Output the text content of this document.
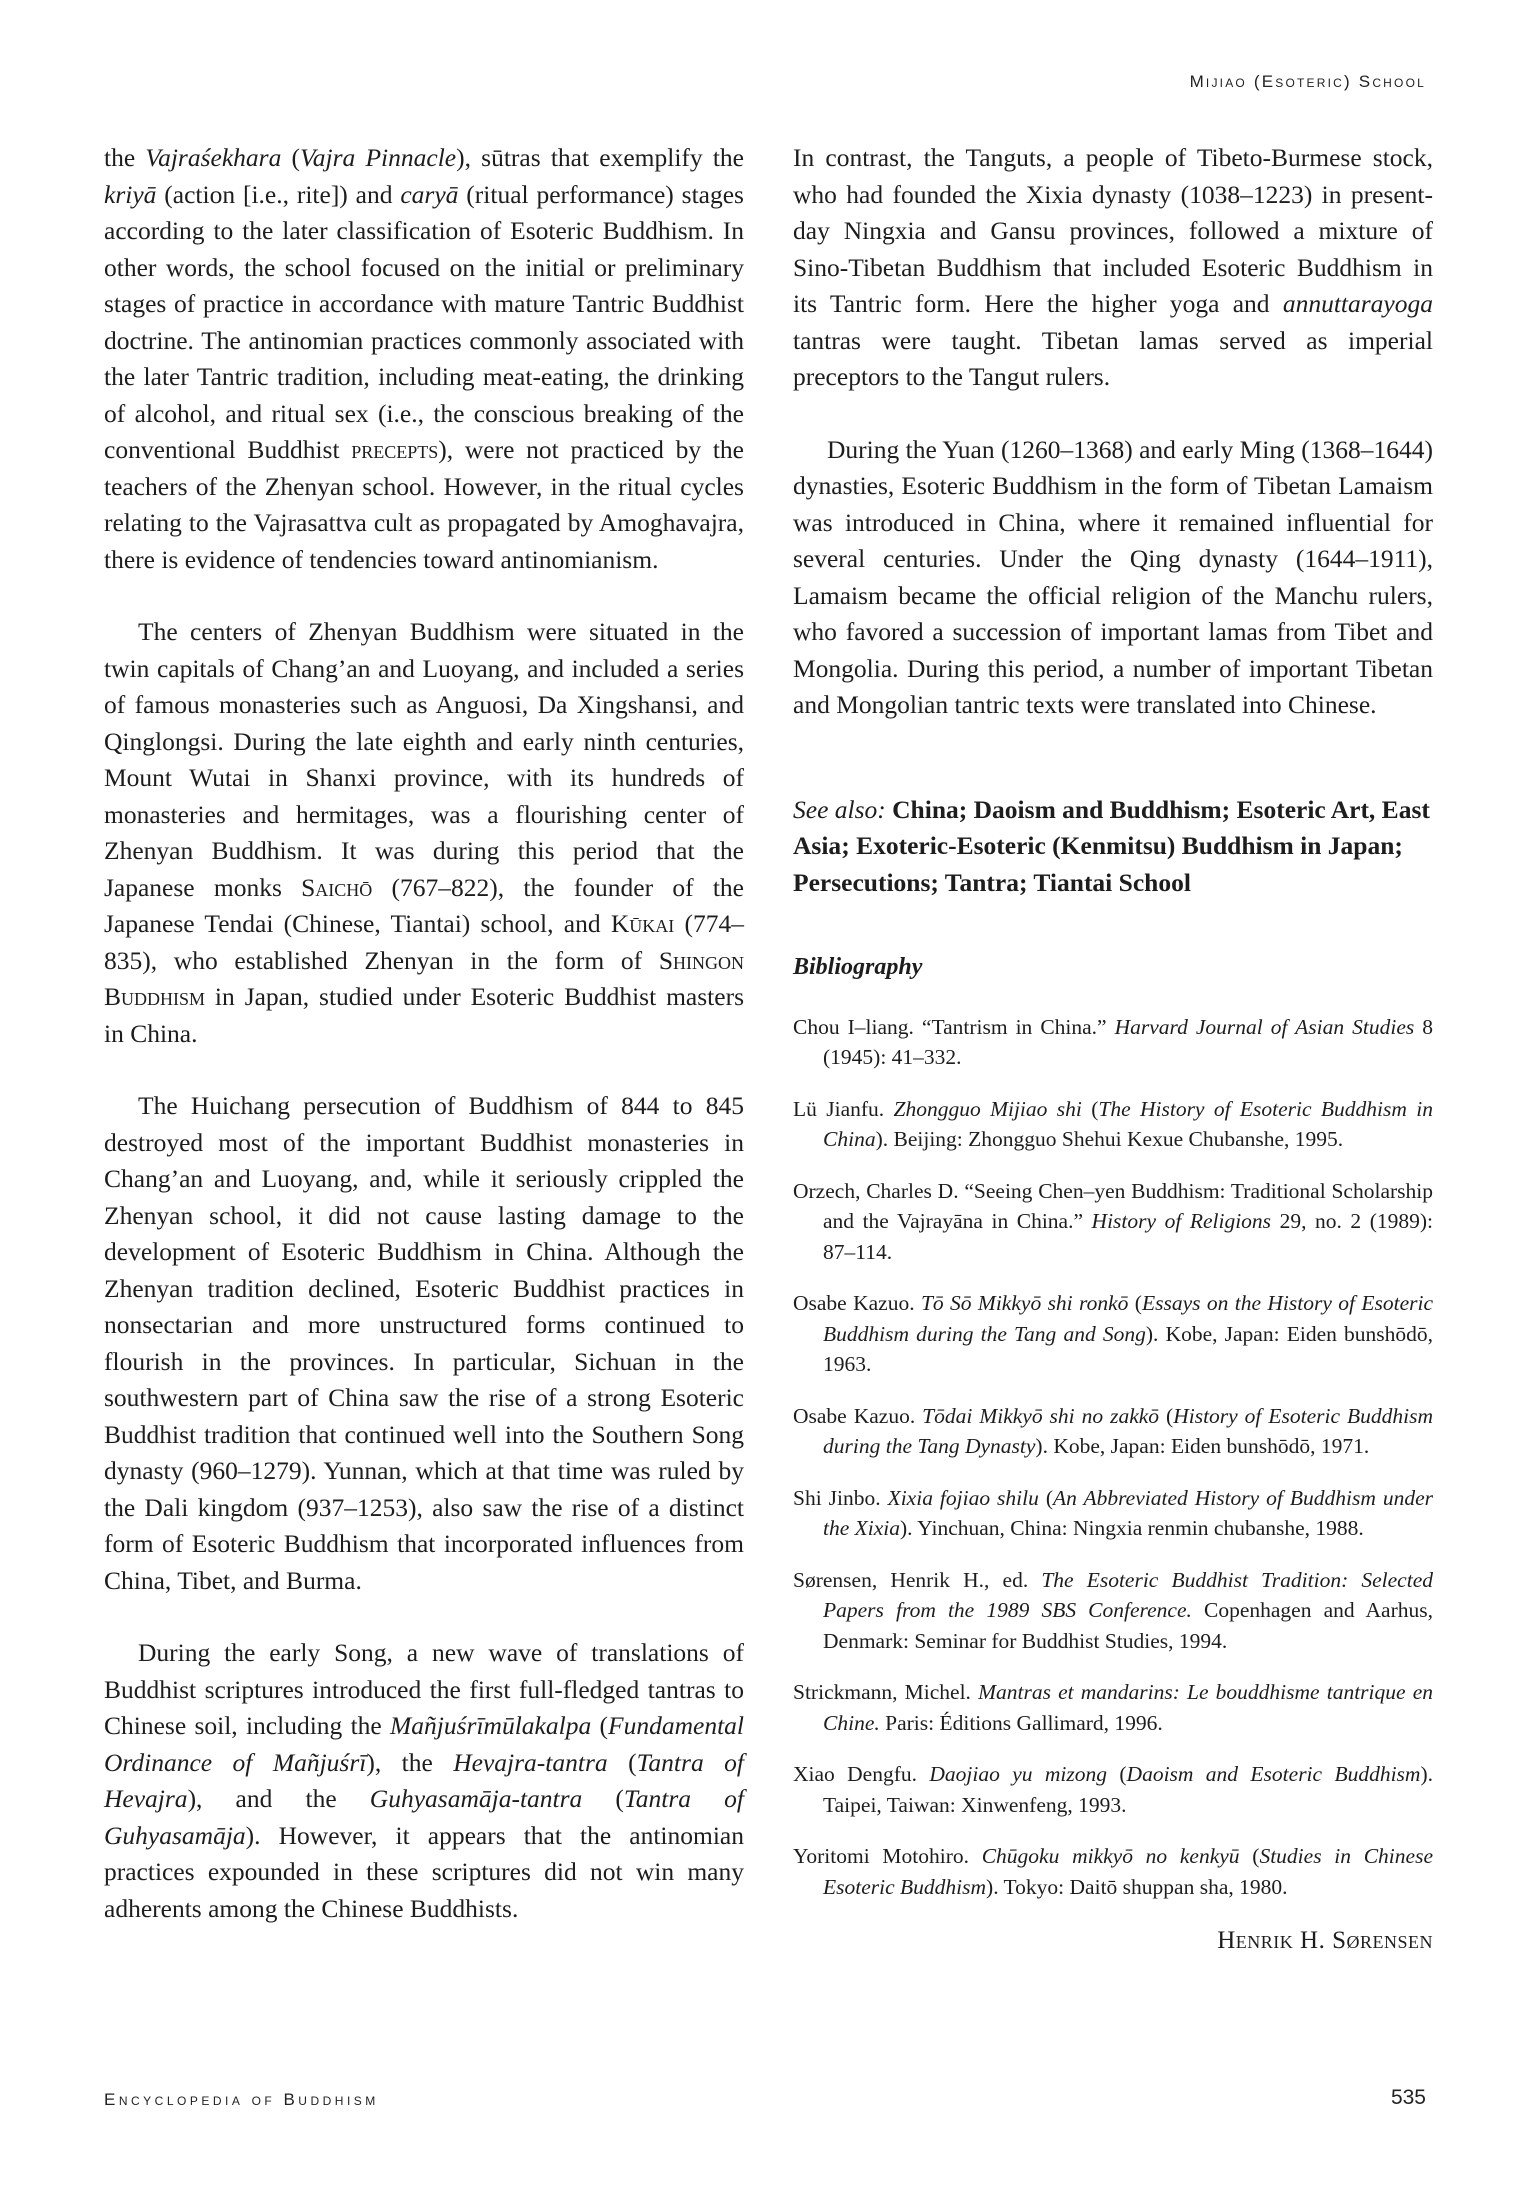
Mijiao (Esoteric) School

the Vajraśekhara (Vajra Pinnacle), sūtras that exemplify the kriyā (action [i.e., rite]) and caryā (ritual performance) stages according to the later classification of Esoteric Buddhism. In other words, the school focused on the initial or preliminary stages of practice in accordance with mature Tantric Buddhist doctrine. The antinomian practices commonly associated with the later Tantric tradition, including meat-eating, the drinking of alcohol, and ritual sex (i.e., the conscious breaking of the conventional Buddhist precepts), were not practiced by the teachers of the Zhenyan school. However, in the ritual cycles relating to the Vajrasattva cult as propagated by Amoghavajra, there is evidence of tendencies toward antinomianism.

The centers of Zhenyan Buddhism were situated in the twin capitals of Chang’an and Luoyang, and included a series of famous monasteries such as Anguosi, Da Xingshansi, and Qinglongsi. During the late eighth and early ninth centuries, Mount Wutai in Shanxi province, with its hundreds of monasteries and hermitages, was a flourishing center of Zhenyan Buddhism. It was during this period that the Japanese monks Saichō (767–822), the founder of the Japanese Tendai (Chinese, Tiantai) school, and Kūkai (774–835), who established Zhenyan in the form of Shingon Buddhism in Japan, studied under Esoteric Buddhist masters in China.

The Huichang persecution of Buddhism of 844 to 845 destroyed most of the important Buddhist monasteries in Chang’an and Luoyang, and, while it seriously crippled the Zhenyan school, it did not cause lasting damage to the development of Esoteric Buddhism in China. Although the Zhenyan tradition declined, Esoteric Buddhist practices in nonsectarian and more unstructured forms continued to flourish in the provinces. In particular, Sichuan in the southwestern part of China saw the rise of a strong Esoteric Buddhist tradition that continued well into the Southern Song dynasty (960–1279). Yunnan, which at that time was ruled by the Dali kingdom (937–1253), also saw the rise of a distinct form of Esoteric Buddhism that incorporated influences from China, Tibet, and Burma.

During the early Song, a new wave of translations of Buddhist scriptures introduced the first full-fledged tantras to Chinese soil, including the Mañjuśrīmūlakalpa (Fundamental Ordinance of Mañjuśrī), the Hevajra-tantra (Tantra of Hevajra), and the Guhyasamāja-tantra (Tantra of Guhyasamāja). However, it appears that the antinomian practices expounded in these scriptures did not win many adherents among the Chinese Buddhists.

In contrast, the Tanguts, a people of Tibeto-Burmese stock, who had founded the Xixia dynasty (1038–1223) in present-day Ningxia and Gansu provinces, followed a mixture of Sino-Tibetan Buddhism that included Esoteric Buddhism in its Tantric form. Here the higher yoga and annuttarayoga tantras were taught. Tibetan lamas served as imperial preceptors to the Tangut rulers.

During the Yuan (1260–1368) and early Ming (1368–1644) dynasties, Esoteric Buddhism in the form of Tibetan Lamaism was introduced in China, where it remained influential for several centuries. Under the Qing dynasty (1644–1911), Lamaism became the official religion of the Manchu rulers, who favored a succession of important lamas from Tibet and Mongolia. During this period, a number of important Tibetan and Mongolian tantric texts were translated into Chinese.

See also: China; Daoism and Buddhism; Esoteric Art, East Asia; Exoteric-Esoteric (Kenmitsu) Buddhism in Japan; Persecutions; Tantra; Tiantai School
Bibliography
Chou I–liang. “Tantrism in China.” Harvard Journal of Asian Studies 8 (1945): 41–332.
Lü Jianfu. Zhongguo Mijiao shi (The History of Esoteric Buddhism in China). Beijing: Zhongguo Shehui Kexue Chubanshe, 1995.
Orzech, Charles D. “Seeing Chen–yen Buddhism: Traditional Scholarship and the Vajrayāna in China.” History of Religions 29, no. 2 (1989): 87–114.
Osabe Kazuo. Tō Sō Mikkyō shi ronkō (Essays on the History of Esoteric Buddhism during the Tang and Song). Kobe, Japan: Eiden bunshōdō, 1963.
Osabe Kazuo. Tōdai Mikkyō shi no zakkō (History of Esoteric Buddhism during the Tang Dynasty). Kobe, Japan: Eiden bunshōdō, 1971.
Shi Jinbo. Xixia fojiao shilu (An Abbreviated History of Buddhism under the Xixia). Yinchuan, China: Ningxia renmin chubanshe, 1988.
Sørensen, Henrik H., ed. The Esoteric Buddhist Tradition: Selected Papers from the 1989 SBS Conference. Copenhagen and Aarhus, Denmark: Seminar for Buddhist Studies, 1994.
Strickmann, Michel. Mantras et mandarins: Le bouddhisme tantrique en Chine. Paris: Éditions Gallimard, 1996.
Xiao Dengfu. Daojiao yu mizong (Daoism and Esoteric Buddhism). Taipei, Taiwan: Xinwenfeng, 1993.
Yoritomi Motohiro. Chūgoku mikkyō no kenkyū (Studies in Chinese Esoteric Buddhism). Tokyo: Daitō shuppan sha, 1980.
Henrik H. Sørensen
Encyclopedia of Buddhism	535
